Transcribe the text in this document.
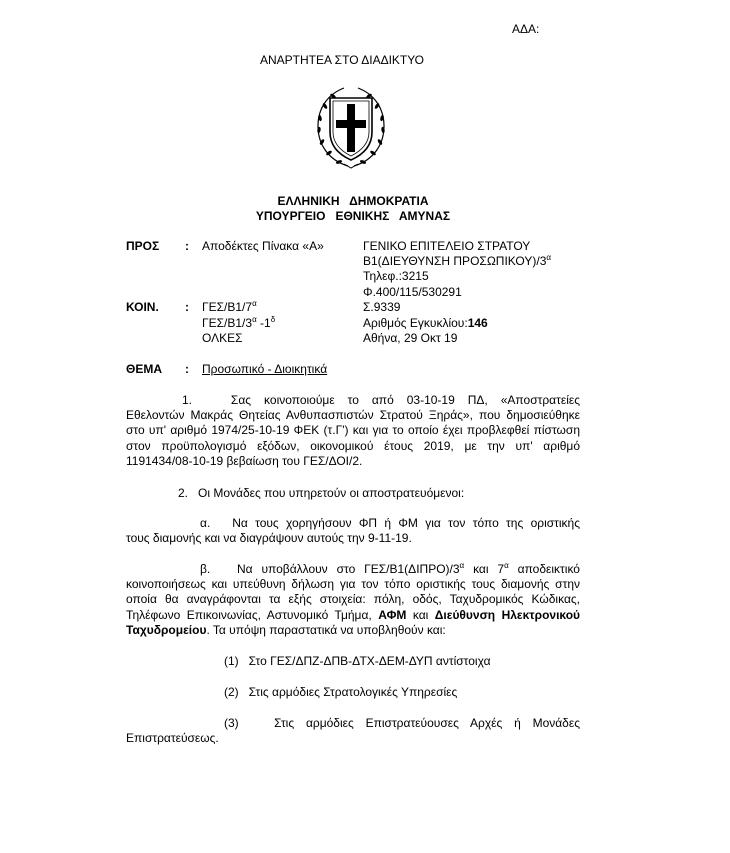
ΑΔΑ:
ΑΝΑΡΤΗΤΕΑ ΣΤΟ ΔΙΑΔΙΚΤΥΟ
ΕΛΛΗΝΙΚΗ   ΔΗΜΟΚΡΑΤΙΑ
ΥΠΟΥΡΓΕΙΟ   ΕΘΝΙΚΗΣ   ΑΜΥΝΑΣ
ΠΡΟΣ : Αποδέκτες Πίνακα «Α»	ΓΕΝΙΚΟ ΕΠΙΤΕΛΕΙΟ ΣΤΡΑΤΟΥ
Β1(ΔΙΕΥΘΥΝΣΗ $\Pi PO\Sigma\Omega\Pi IKO\Upsilon)/3^\alpha$
Τηλεφ.:3215
Φ.400/115/530291
Σ.9339
Αριθμός Εγκυκλίου:146
Αθήνα, 29 Οκτ 19
ΚΟΙΝ. : ΓΕΣ/$B1/7^\alpha$
ΓΕΣ/$B1/3^\alpha$ $-1^\delta$
ΟΛΚΕΣ
ΘΕΜΑ : Προσωπικό - Διοικητικά
1.   Σας κοινοποιούμε το από 03-10-19 ΠΔ, «Αποστρατείες
Εθελοντών Μακράς Θητείας Ανθυπασπιστών Στρατού Ξηράς», που δημοσιεύθηκε στο υπ' αριθμό 1974/25-10-19 ΦΕΚ (τ.Γ') και για το οποίο έχει προβλεφθεί πίστωση στον προϋπολογισμό εξόδων, οικονομικού έτους 2019, με την υπ' αριθμό 1191434/08-10-19 βεβαίωση του ΓΕΣ/ΔΟΙ/2.
2.   Οι Μονάδες που υπηρετούν οι αποστρατευόμενοι:
α.   Να τους χορηγήσουν ΦΠ ή ΦΜ για τον τόπο της οριστικής
τους διαμονής και να διαγράψουν αυτούς την 9-11-19.
β.   Να υποβάλλουν στο ΓΕΣ/$B1(\Delta I\Pi PO)/3^\alpha$ και $7^\alpha$ αποδεικτικό
κοινοποιήσεως και υπεύθυνη δήλωση για τον τόπο οριστικής τους διαμονής στην οποία θα αναγράφονται τα εξής στοιχεία: πόλη, οδός, Ταχυδρομικός Κώδικας, Τηλέφωνο Επικοινωνίας, Αστυνομικό Τμήμα, ΑΦΜ και Διεύθυνση Ηλεκτρονικού Ταχυδρομείου. Τα υπόψη παραστατικά να υποβληθούν και:
(1)   Στο ΓΕΣ/ΔΠΖ-ΔΠΒ-ΔΤΧ-ΔΕΜ-ΔΥΠ αντίστοιχα
(2)   Στις αρμόδιες Στρατολογικές Υπηρεσίες
(3)   Στις αρμόδιες Επιστρατεύουσες Αρχές ή Μονάδες
Επιστρατεύσεως.
